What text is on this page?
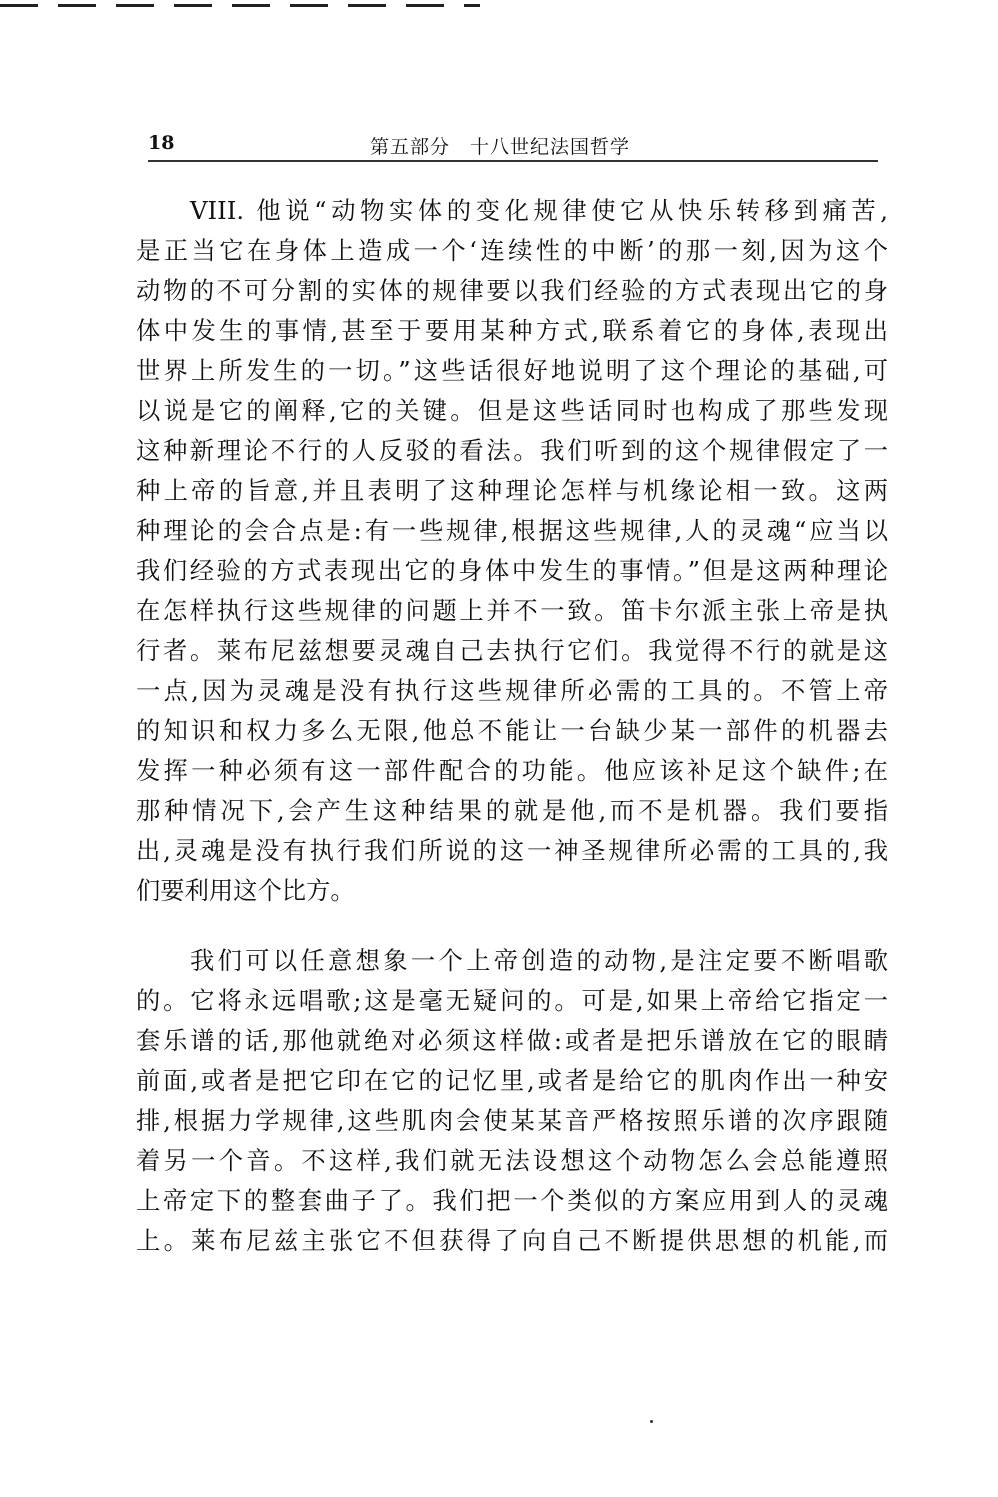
18	第五部分　十八世纪法国哲学
VIII. 他说“动物实体的变化规律使它从快乐转移到痛苦,
是正当它在身体上造成一个‘连续性的中断’的那一刻,因为这个
动物的不可分割的实体的规律要以我们经验的方式表现出它的身
体中发生的事情,甚至于要用某种方式,联系着它的身体,表现出
世界上所发生的一切。”这些话很好地说明了这个理论的基础,可
以说是它的阐释,它的关键。但是这些话同时也构成了那些发现
这种新理论不行的人反驳的看法。我们听到的这个规律假定了一
种上帝的旨意,并且表明了这种理论怎样与机缘论相一致。这两
种理论的会合点是:有一些规律,根据这些规律,人的灵魂“应当以
我们经验的方式表现出它的身体中发生的事情。”但是这两种理论
在怎样执行这些规律的问题上并不一致。笛卡尔派主张上帝是执
行者。莱布尼兹想要灵魂自己去执行它们。我觉得不行的就是这
一点,因为灵魂是没有执行这些规律所必需的工具的。不管上帝
的知识和权力多么无限,他总不能让一台缺少某一部件的机器去
发挥一种必须有这一部件配合的功能。他应该补足这个缺件;在
那种情况下,会产生这种结果的就是他,而不是机器。我们要指
出,灵魂是没有执行我们所说的这一神圣规律所必需的工具的,我
们要利用这个比方。
我们可以任意想象一个上帝创造的动物,是注定要不断唱歌
的。它将永远唱歌;这是毫无疑问的。可是,如果上帝给它指定一
套乐谱的话,那他就绝对必须这样做:或者是把乐谱放在它的眼睛
前面,或者是把它印在它的记忆里,或者是给它的肌肉作出一种安
排,根据力学规律,这些肌肉会使某某音严格按照乐谱的次序跟随
着另一个音。不这样,我们就无法设想这个动物怎么会总能遵照
上帝定下的整套曲子了。我们把一个类似的方案应用到人的灵魂
上。莱布尼兹主张它不但获得了向自己不断提供思想的机能,而
